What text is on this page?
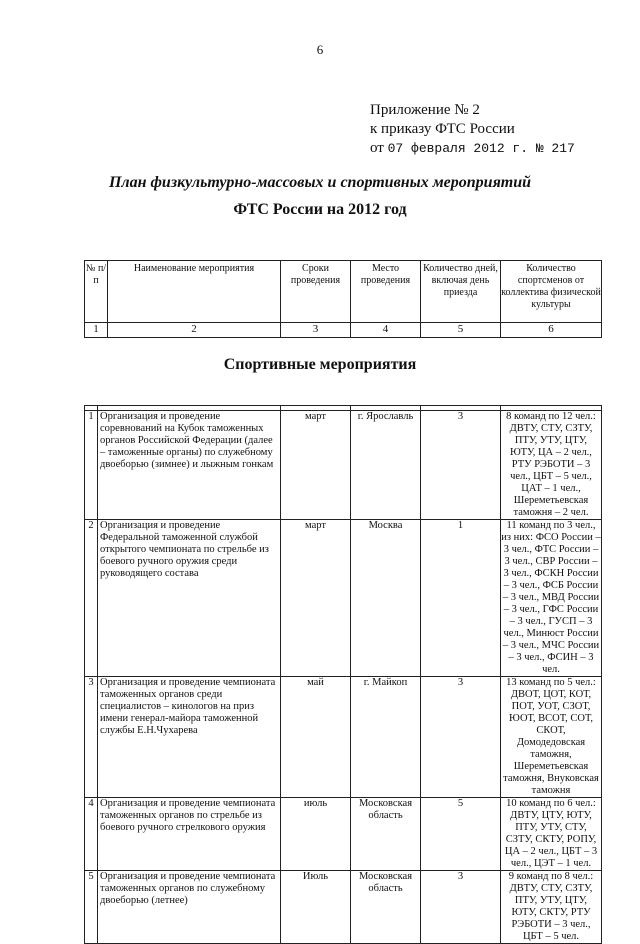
6
Приложение № 2
к приказу ФТС России
от 07 февраля 2012 г. № 217
План физкультурно-массовых и спортивных мероприятий
ФТС России на 2012 год
№ п/п	Наименование мероприятия	Сроки проведения	Место проведения	Количество дней, включая день приезда	Количество спортсменов от коллектива физической культуры
1	2	3	4	5	6
Спортивные мероприятия

1	Организация и проведение соревнований на Кубок таможенных органов Российской Федерации (далее – таможенные органы) по служебному двоеборью (зимнее) и лыжным гонкам	март	г. Ярославль	3	8 команд по 12 чел.: ДВТУ, СТУ, СЗТУ, ПТУ, УТУ, ЦТУ, ЮТУ, ЦА – 2 чел., РТУ РЭБОТИ – 3 чел., ЦБТ – 5 чел., ЦАТ – 1 чел., Шереметьевская таможня – 2 чел.
2	Организация и проведение Федеральной таможенной службой открытого чемпионата по стрельбе из боевого ручного оружия среди руководящего состава	март	Москва	1	11 команд по 3 чел., из них: ФСО России – 3 чел., ФТС России – 3 чел., СВР России – 3 чел., ФСКН России – 3 чел., ФСБ России – 3 чел., МВД России – 3 чел., ГФС России – 3 чел., ГУСП – 3 чел., Минюст России – 3 чел., МЧС России – 3 чел., ФСИН – 3 чел.
3	Организация и проведение чемпионата таможенных органов среди специалистов – кинологов на приз имени генерал-майора таможенной службы Е.Н.Чухарева	май	г. Майкоп	3	13 команд по 5 чел.: ДВОТ, ЦОТ, КОТ, ПОТ, УОТ, СЗОТ, ЮОТ, ВСОТ, СОТ, СКОТ, Домодедовская таможня, Шереметьевская таможня, Внуковская таможня
4	Организация и проведение чемпионата таможенных органов по стрельбе из боевого ручного стрелкового оружия	июль	Московская область	5	10 команд по 6 чел.: ДВТУ, ЦТУ, ЮТУ, ПТУ, УТУ, СТУ, СЗТУ, СКТУ, РОПУ, ЦА – 2 чел., ЦБТ – 3 чел., ЦЭТ – 1 чел.
5	Организация и проведение чемпионата таможенных органов по служебному двоеборью (летнее)	Июль	Московская область	3	9 команд по 8 чел.: ДВТУ, СТУ, СЗТУ, ПТУ, УТУ, ЦТУ, ЮТУ, СКТУ, РТУ РЭБОТИ – 3 чел., ЦБТ – 5 чел.
